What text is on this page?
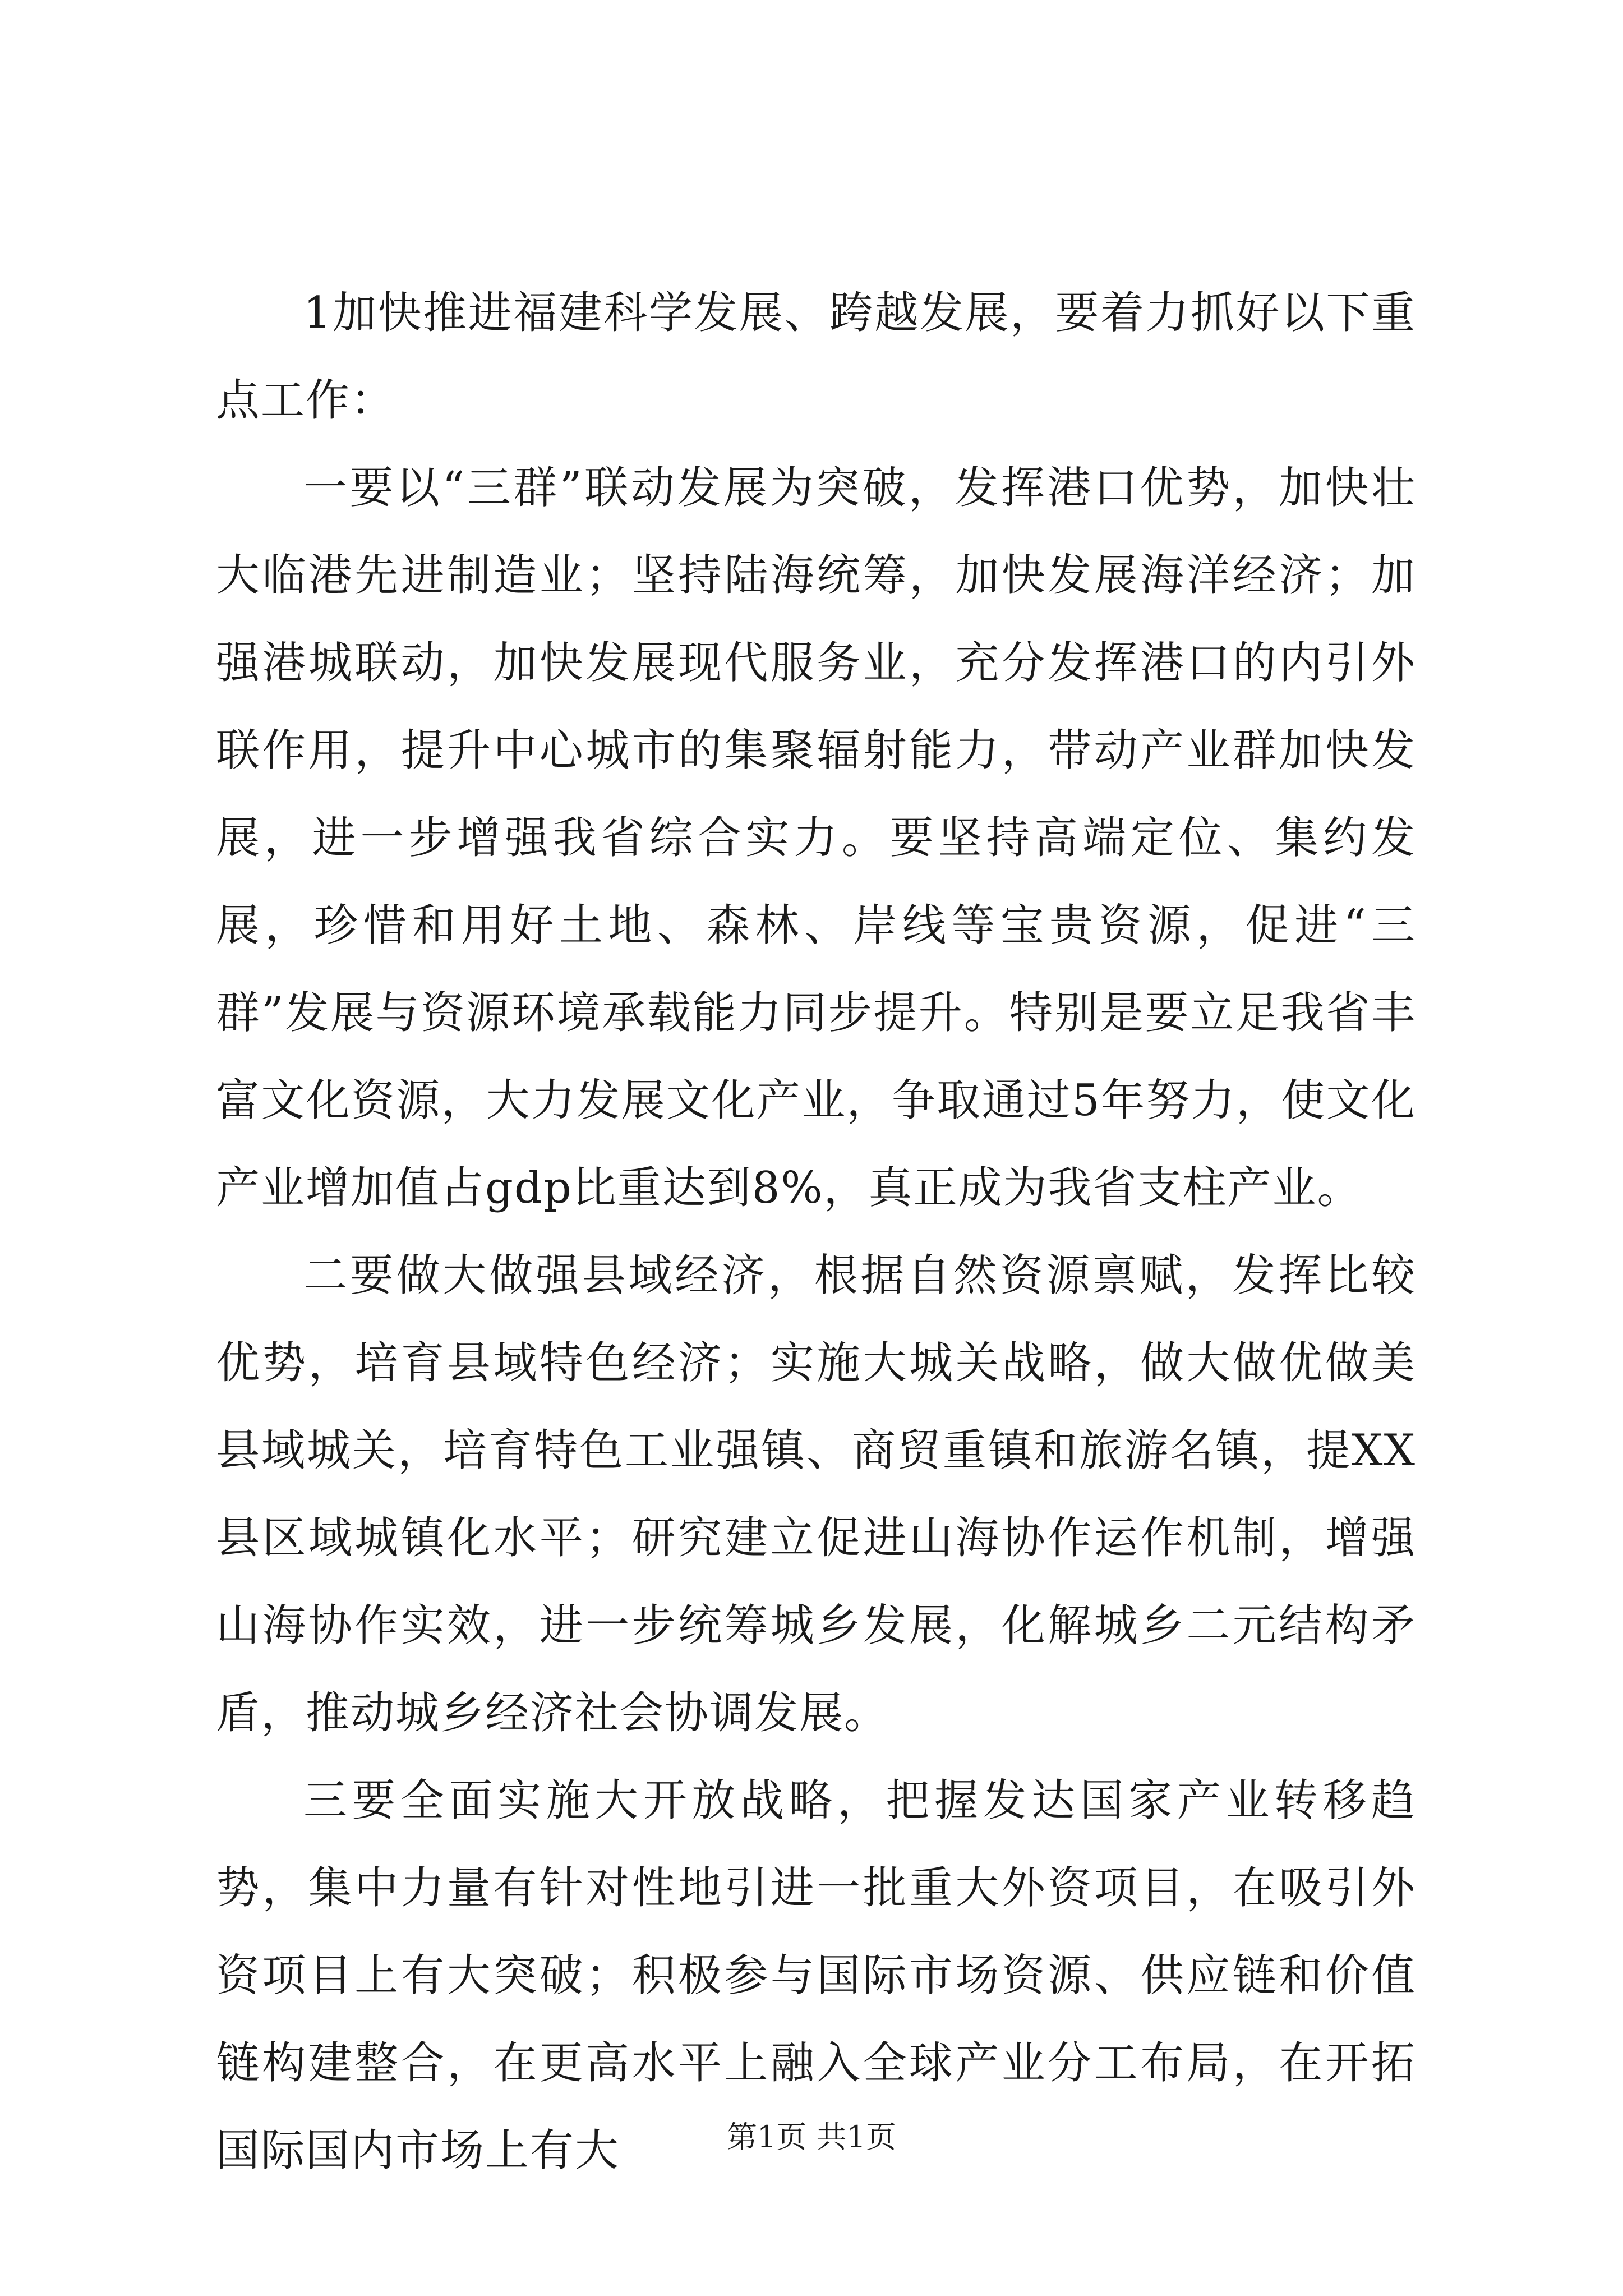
1加快推进福建科学发展、跨越发展，要着力抓好以下重点工作：

一要以“三群”联动发展为突破，发挥港口优势，加快壮大临港先进制造业；坚持陆海统筹，加快发展海洋经济；加强港城联动，加快发展现代服务业，充分发挥港口的内引外联作用，提升中心城市的集聚辐射能力，带动产业群加快发展，进一步增强我省综合实力。要坚持高端定位、集约发展，珍惜和用好土地、森林、岸线等宝贵资源，促进“三群”发展与资源环境承载能力同步提升。特别是要立足我省丰富文化资源，大力发展文化产业，争取通过5年努力，使文化产业增加值占gdp比重达到8%，真正成为我省支柱产业。

二要做大做强县域经济，根据自然资源禀赋，发挥比较优势，培育县域特色经济；实施大城关战略，做大做优做美县域城关，培育特色工业强镇、商贸重镇和旅游名镇，提XX县区域城镇化水平；研究建立促进山海协作运作机制，增强山海协作实效，进一步统筹城乡发展，化解城乡二元结构矛盾，推动城乡经济社会协调发展。

三要全面实施大开放战略，把握发达国家产业转移趋势，集中力量有针对性地引进一批重大外资项目，在吸引外资项目上有大突破；积极参与国际市场资源、供应链和价值链构建整合，在更高水平上融入全球产业分工布局，在开拓国际国内市场上有大	第1页 共1页
